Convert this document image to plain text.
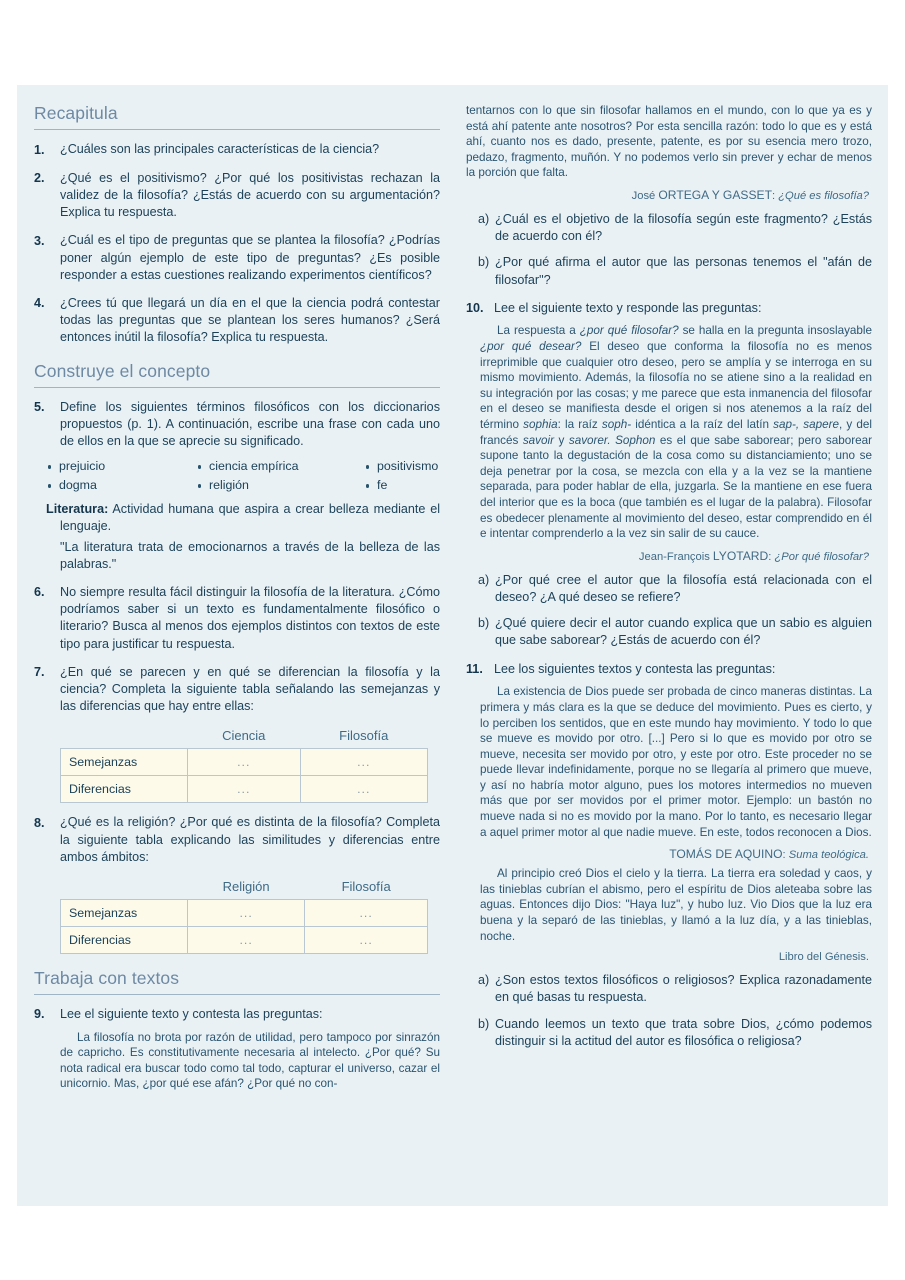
Recapitula
1.	¿Cuáles son las principales características de la ciencia?
2.	¿Qué es el positivismo? ¿Por qué los positivistas rechazan la validez de la filosofía? ¿Estás de acuerdo con su argumentación? Explica tu respuesta.
3.	¿Cuál es el tipo de preguntas que se plantea la filosofía? ¿Podrías poner algún ejemplo de este tipo de preguntas? ¿Es posible responder a estas cuestiones realizando experimentos científicos?
4.	¿Crees tú que llegará un día en el que la ciencia podrá contestar todas las preguntas que se plantean los seres humanos? ¿Será entonces inútil la filosofía? Explica tu respuesta.
Construye el concepto
5.	Define los siguientes términos filosóficos con los diccionarios propuestos (p. 1). A continuación, escribe una frase con cada uno de ellos en la que se aprecie su significado.
prejuicio	ciencia empírica	positivismo
dogma	religión	fe
Literatura: Actividad humana que aspira a crear belleza mediante el lenguaje.
"La literatura trata de emocionarnos a través de la belleza de las palabras."
6.	No siempre resulta fácil distinguir la filosofía de la literatura. ¿Cómo podríamos saber si un texto es fundamentalmente filosófico o literario? Busca al menos dos ejemplos distintos con textos de este tipo para justificar tu respuesta.
7.	¿En qué se parecen y en qué se diferencian la filosofía y la ciencia? Completa la siguiente tabla señalando las semejanzas y las diferencias que hay entre ellas:
	Ciencia	Filosofía
Semejanzas	...	...
Diferencias	...	...
8.	¿Qué es la religión? ¿Por qué es distinta de la filosofía? Completa la siguiente tabla explicando las similitudes y diferencias entre ambos ámbitos:
	Religión	Filosofía
Semejanzas	...	...
Diferencias	...	...
Trabaja con textos
9.	Lee el siguiente texto y contesta las preguntas:
La filosofía no brota por razón de utilidad, pero tampoco por sinrazón de capricho. Es constitutivamente necesaria al intelecto. ¿Por qué? Su nota radical era buscar todo como tal todo, capturar el universo, cazar el unicornio. Mas, ¿por qué ese afán? ¿Por qué no con-
tentarnos con lo que sin filosofar hallamos en el mundo, con lo que ya es y está ahí patente ante nosotros? Por esta sencilla razón: todo lo que es y está ahí, cuanto nos es dado, presente, patente, es por su esencia mero trozo, pedazo, fragmento, muñón. Y no podemos verlo sin prever y echar de menos la porción que falta.
José ORTEGA Y GASSET: ¿Qué es filosofía?
a) ¿Cuál es el objetivo de la filosofía según este fragmento? ¿Estás de acuerdo con él?
b) ¿Por qué afirma el autor que las personas tenemos el "afán de filosofar"?
10. Lee el siguiente texto y responde las preguntas:
La respuesta a ¿por qué filosofar? se halla en la pregunta insoslayable ¿por qué desear? El deseo que conforma la filosofía no es menos irreprimible que cualquier otro deseo, pero se amplía y se interroga en su mismo movimiento. Además, la filosofía no se atiene sino a la realidad en su integración por las cosas; y me parece que esta inmanencia del filosofar en el deseo se manifiesta desde el origen si nos atenemos a la raíz del término sophia: la raíz soph- idéntica a la raíz del latín sap-, sapere, y del francés savoir y savorer. Sophon es el que sabe saborear; pero saborear supone tanto la degustación de la cosa como su distanciamiento; uno se deja penetrar por la cosa, se mezcla con ella y a la vez se la mantiene separada, para poder hablar de ella, juzgarla. Se la mantiene en ese fuera del interior que es la boca (que también es el lugar de la palabra). Filosofar es obedecer plenamente al movimiento del deseo, estar comprendido en él e intentar comprenderlo a la vez sin salir de su cauce.
Jean-François LYOTARD: ¿Por qué filosofar?
a) ¿Por qué cree el autor que la filosofía está relacionada con el deseo? ¿A qué deseo se refiere?
b) ¿Qué quiere decir el autor cuando explica que un sabio es alguien que sabe saborear? ¿Estás de acuerdo con él?
11. Lee los siguientes textos y contesta las preguntas:
La existencia de Dios puede ser probada de cinco maneras distintas. La primera y más clara es la que se deduce del movimiento. Pues es cierto, y lo perciben los sentidos, que en este mundo hay movimiento. Y todo lo que se mueve es movido por otro. [...] Pero si lo que es movido por otro se mueve, necesita ser movido por otro, y este por otro. Este proceder no se puede llevar indefinidamente, porque no se llegaría al primero que mueve, y así no habría motor alguno, pues los motores intermedios no mueven más que por ser movidos por el primer motor. Ejemplo: un bastón no mueve nada si no es movido por la mano. Por lo tanto, es necesario llegar a aquel primer motor al que nadie mueve. En este, todos reconocen a Dios.
TOMÁS DE AQUINO: Suma teológica.
Al principio creó Dios el cielo y la tierra. La tierra era soledad y caos, y las tinieblas cubrían el abismo, pero el espíritu de Dios aleteaba sobre las aguas. Entonces dijo Dios: "Haya luz", y hubo luz. Vio Dios que la luz era buena y la separó de las tinieblas, y llamó a la luz día, y a las tinieblas, noche.
Libro del Génesis.
a) ¿Son estos textos filosóficos o religiosos? Explica razonadamente en qué basas tu respuesta.
b) Cuando leemos un texto que trata sobre Dios, ¿cómo podemos distinguir si la actitud del autor es filosófica o religiosa?
